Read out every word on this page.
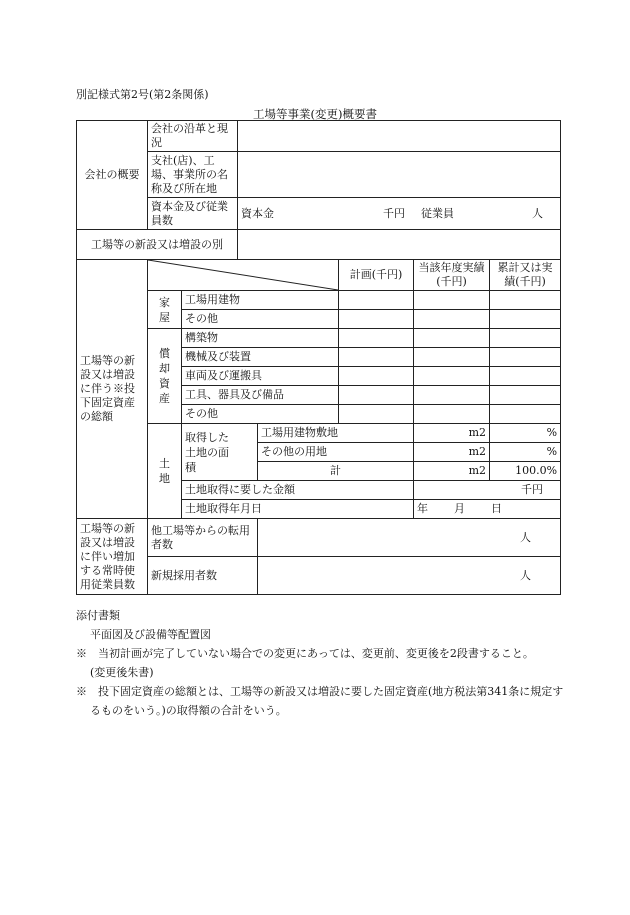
別記様式第2号(第2条関係)
工場等事業(変更)概要書
会社の概要	会社の沿革と現況						
	支社(店)、工場、事業所の名称及び所在地						
	資本金及び従業員数		資本金 千円 従業員 人				
工場等の新設又は増設の別							
工場等の新設又は増設に伴う※投下固定資産の総額					計画(千円)	当該年度実績(千円)	累計又は実績(千円)
	家屋	工場用建物					
		その他					
	償却資産	構築物					
		機械及び装置					
		車両及び運搬具					
		工具、器具及び備品					
		その他					
	土地	取得した土地の面積		工場用建物敷地		m2	%
				その他の用地		m2	%
				計		m2	100.0%
		土地取得に要した金額				千円	
		土地取得年月日				年 月 日	
工場等の新設又は増設に伴い増加する常時使用従業員数	他工場等からの転用者数			人			
	新規採用者数			人			
添付書類
平面図及び設備等配置図
※　当初計画が完了していない場合での変更にあっては、変更前、変更後を2段書すること。
(変更後朱書)
※　投下固定資産の総額とは、工場等の新設又は増設に要した固定資産(地方税法第341条に規定するものをいう。)の取得額の合計をいう。
